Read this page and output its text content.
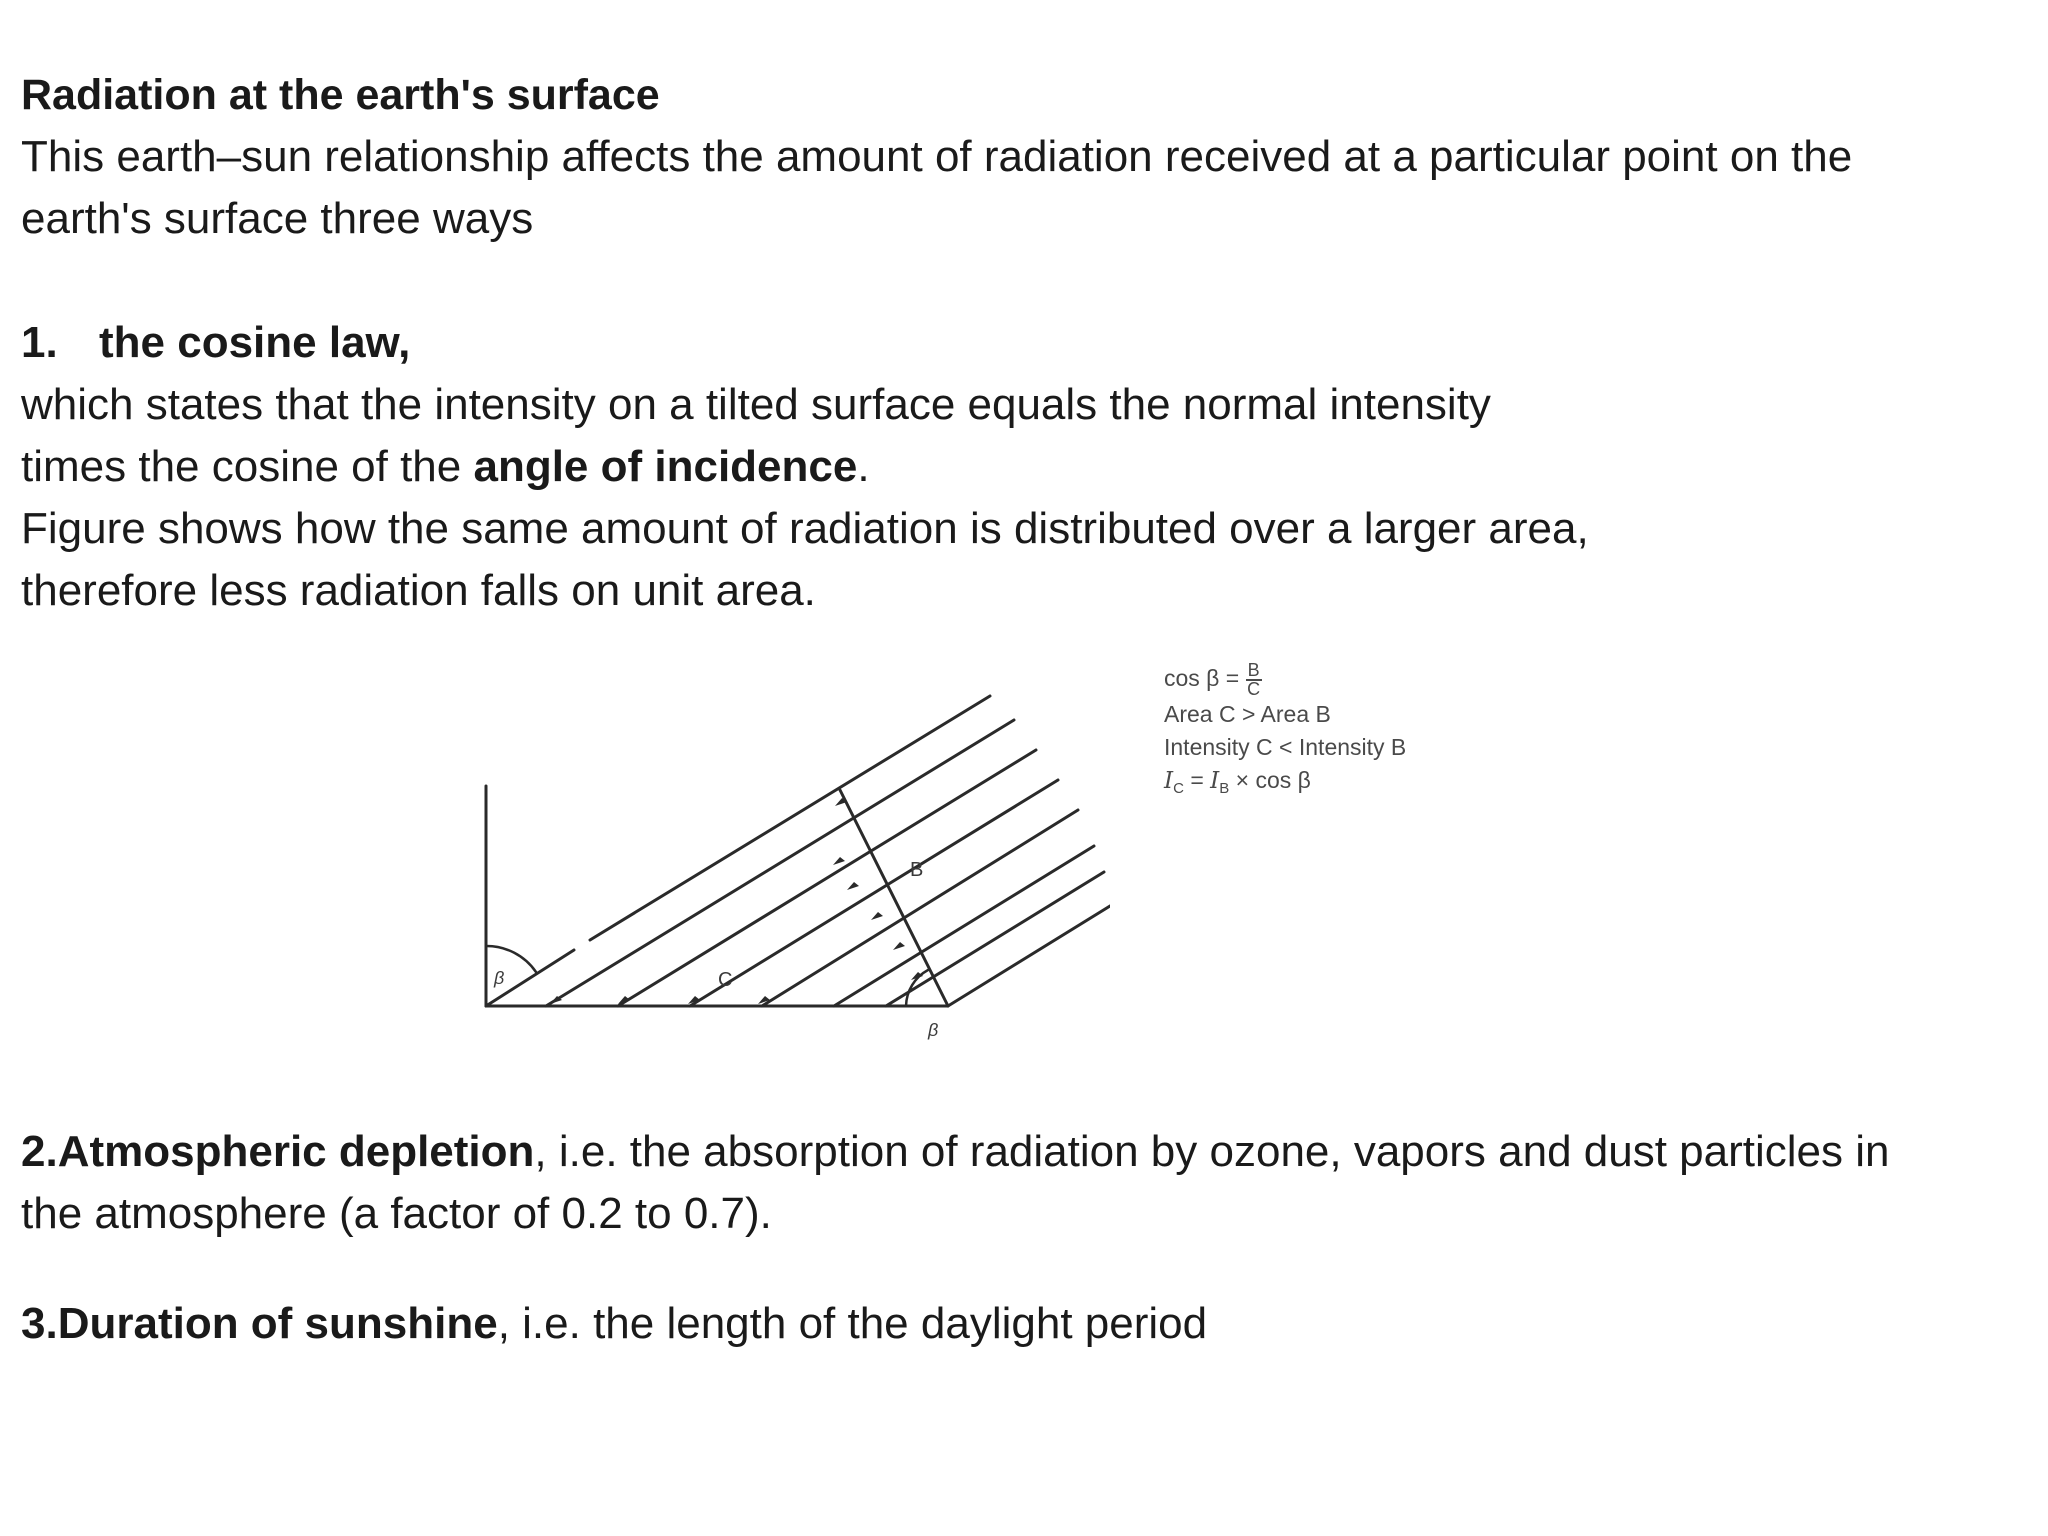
Radiation at the earth's surface

This earth–sun relationship affects the amount of radiation received at a particular point on the
earth's surface three ways
1. the cosine law,
which states that the intensity on a tilted surface equals the normal intensity
times the cosine of the angle of incidence.
Figure shows how the same amount of radiation is distributed over a larger area,
therefore less radiation falls on unit area.
B
C
β
β
$\cos \beta = \frac{B}{C}$
Area C > Area B
Intensity C < Intensity B
$I_C = I_B \times \cos \beta$
2.Atmospheric depletion, i.e. the absorption of radiation by ozone, vapors and dust particles in
the atmosphere (a factor of 0.2 to 0.7).
3.Duration of sunshine, i.e. the length of the daylight period
